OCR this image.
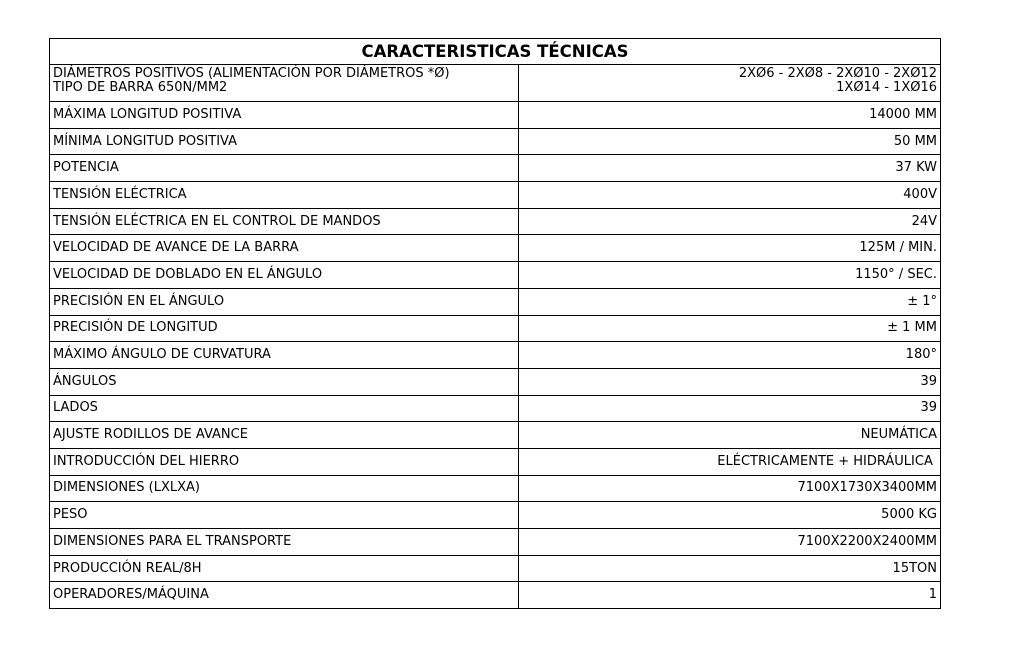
CARACTERISTICAS TÉCNICAS	

DIÁMETROS POSITIVOS (ALIMENTACIÓN POR DIÁMETROS *Ø)
TIPO DE BARRA 650N/MM2	2XØ6 - 2XØ8 - 2XØ10 - 2XØ12
1XØ14 - 1XØ16

MÁXIMA LONGITUD POSITIVA	14000 MM
MÍNIMA LONGITUD POSITIVA	50 MM
POTENCIA	37 KW
TENSIÓN ELÉCTRICA	400V
TENSIÓN ELÉCTRICA EN EL CONTROL DE MANDOS	24V
VELOCIDAD DE AVANCE DE LA BARRA	125M / MIN.
VELOCIDAD DE DOBLADO EN EL ÁNGULO	1150° / SEC.
PRECISIÓN EN EL ÁNGULO	± 1°
PRECISIÓN DE LONGITUD	± 1 MM
MÁXIMO ÁNGULO DE CURVATURA	180°
ÁNGULOS	39
LADOS	39
AJUSTE RODILLOS DE AVANCE	NEUMÁTICA
INTRODUCCIÓN DEL HIERRO	ELÉCTRICAMENTE + HIDRÁULICA
DIMENSIONES (LXLXA)	7100X1730X3400MM
PESO	5000 KG
DIMENSIONES PARA EL TRANSPORTE	7100X2200X2400MM
PRODUCCIÓN REAL/8H	15TON
OPERADORES/MÁQUINA	1
